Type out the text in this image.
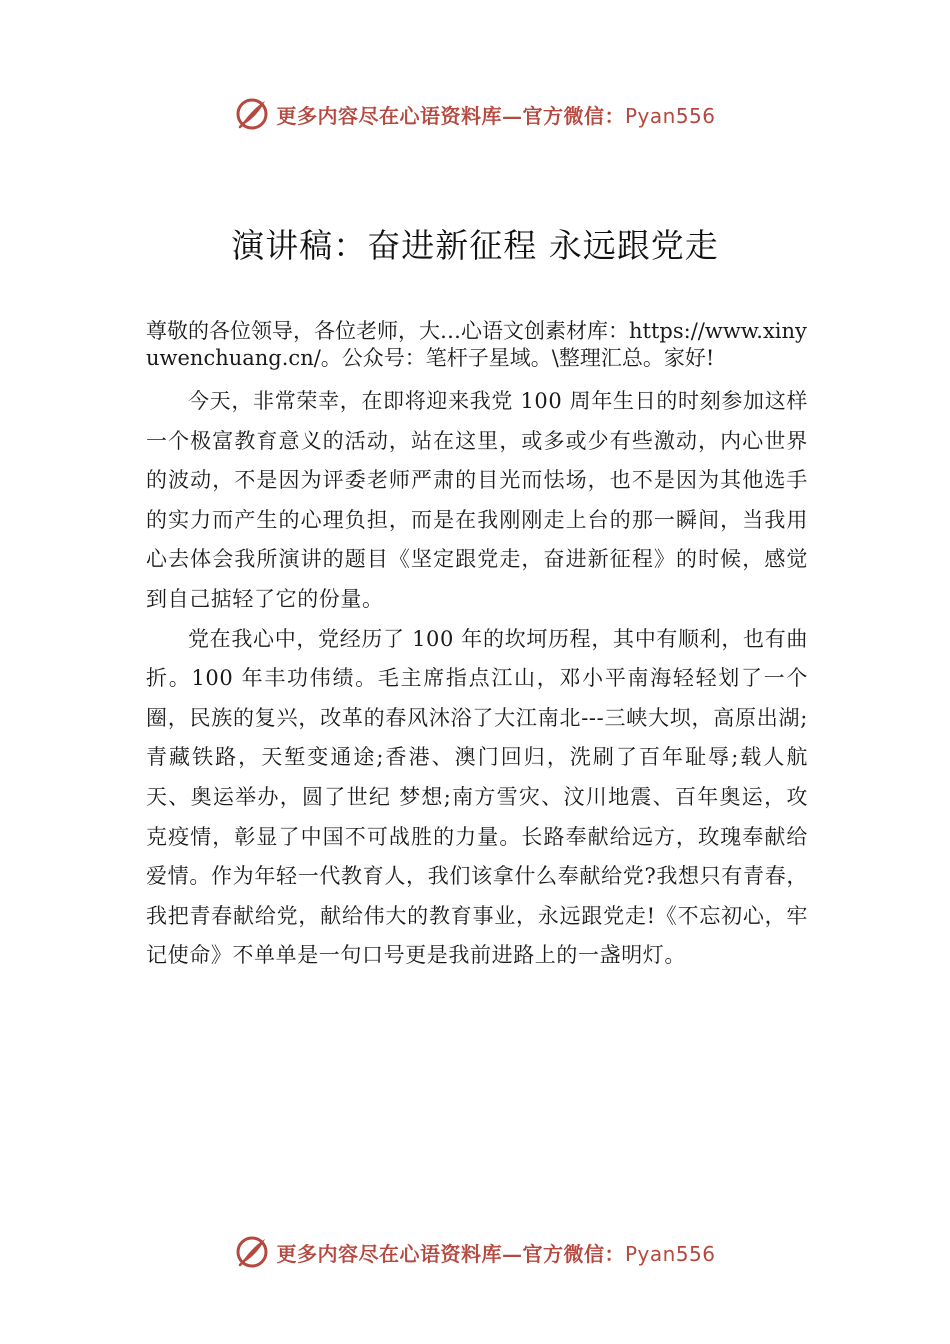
更多内容尽在心语资料库—官方微信：Pyan556
演讲稿：奋进新征程 永远跟党走

尊敬的各位领导，各位老师，大…心语文创素材库：https://www.xinyuwenchuang.cn/。公众号：笔杆子星域。\整理汇总。家好!

今天，非常荣幸，在即将迎来我党 100 周年生日的时刻参加这样一个极富教育意义的活动，站在这里，或多或少有些激动，内心世界的波动，不是因为评委老师严肃的目光而怯场，也不是因为其他选手的实力而产生的心理负担，而是在我刚刚走上台的那一瞬间，当我用心去体会我所演讲的题目《坚定跟党走，奋进新征程》的时候，感觉到自己掂轻了它的份量。

党在我心中，党经历了 100 年的坎坷历程，其中有顺利，也有曲折。100 年丰功伟绩。毛主席指点江山，邓小平南海轻轻划了一个圈，民族的复兴，改革的春风沐浴了大江南北---三峡大坝，高原出湖;青藏铁路，天堑变通途;香港、澳门回归，洗刷了百年耻辱;载人航天、奥运举办，圆了世纪 梦想;南方雪灾、汶川地震、百年奥运，攻克疫情，彰显了中国不可战胜的力量。长路奉献给远方，玫瑰奉献给爱情。作为年轻一代教育人，我们该拿什么奉献给党?我想只有青春，我把青春献给党，献给伟大的教育事业，永远跟党走!《不忘初心，牢记使命》不单单是一句口号更是我前进路上的一盏明灯。

更多内容尽在心语资料库—官方微信：Pyan556
